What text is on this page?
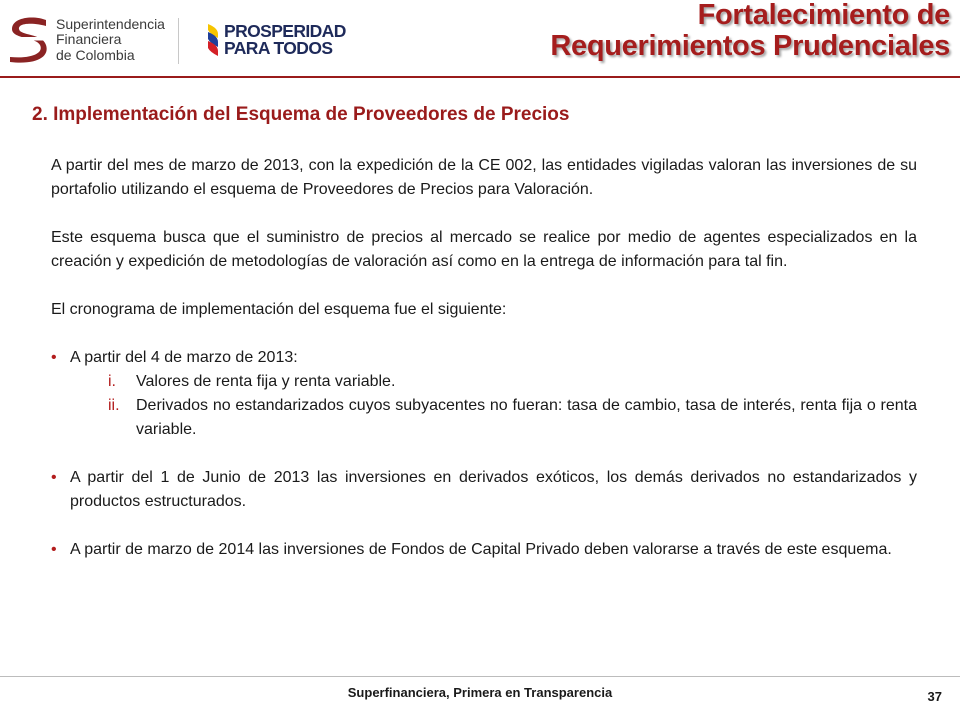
Superintendencia
Financiera
de Colombia
PROSPERIDAD
PARA TODOS
Fortalecimiento de
Requerimientos Prudenciales
2. Implementación del Esquema de Proveedores de Precios

A partir del mes de marzo de 2013, con la expedición de la CE 002, las entidades vigiladas valoran las inversiones de su portafolio utilizando el esquema de Proveedores de Precios para Valoración.

Este esquema busca que el suministro de precios al mercado se realice por medio de agentes especializados en la creación y expedición de metodologías de valoración así como en la entrega de información para tal fin.

El cronograma de implementación del esquema fue el siguiente:

• A partir del 4 de marzo de 2013:
i. Valores de renta fija y renta variable.
ii. Derivados no estandarizados cuyos subyacentes no fueran: tasa de cambio, tasa de interés, renta fija o renta variable.
• A partir del 1 de Junio de 2013 las inversiones en derivados exóticos, los demás derivados no estandarizados y productos estructurados.
• A partir de marzo de 2014 las inversiones de Fondos de Capital Privado deben valorarse a través de este esquema.
Superfinanciera, Primera en Transparencia	37
